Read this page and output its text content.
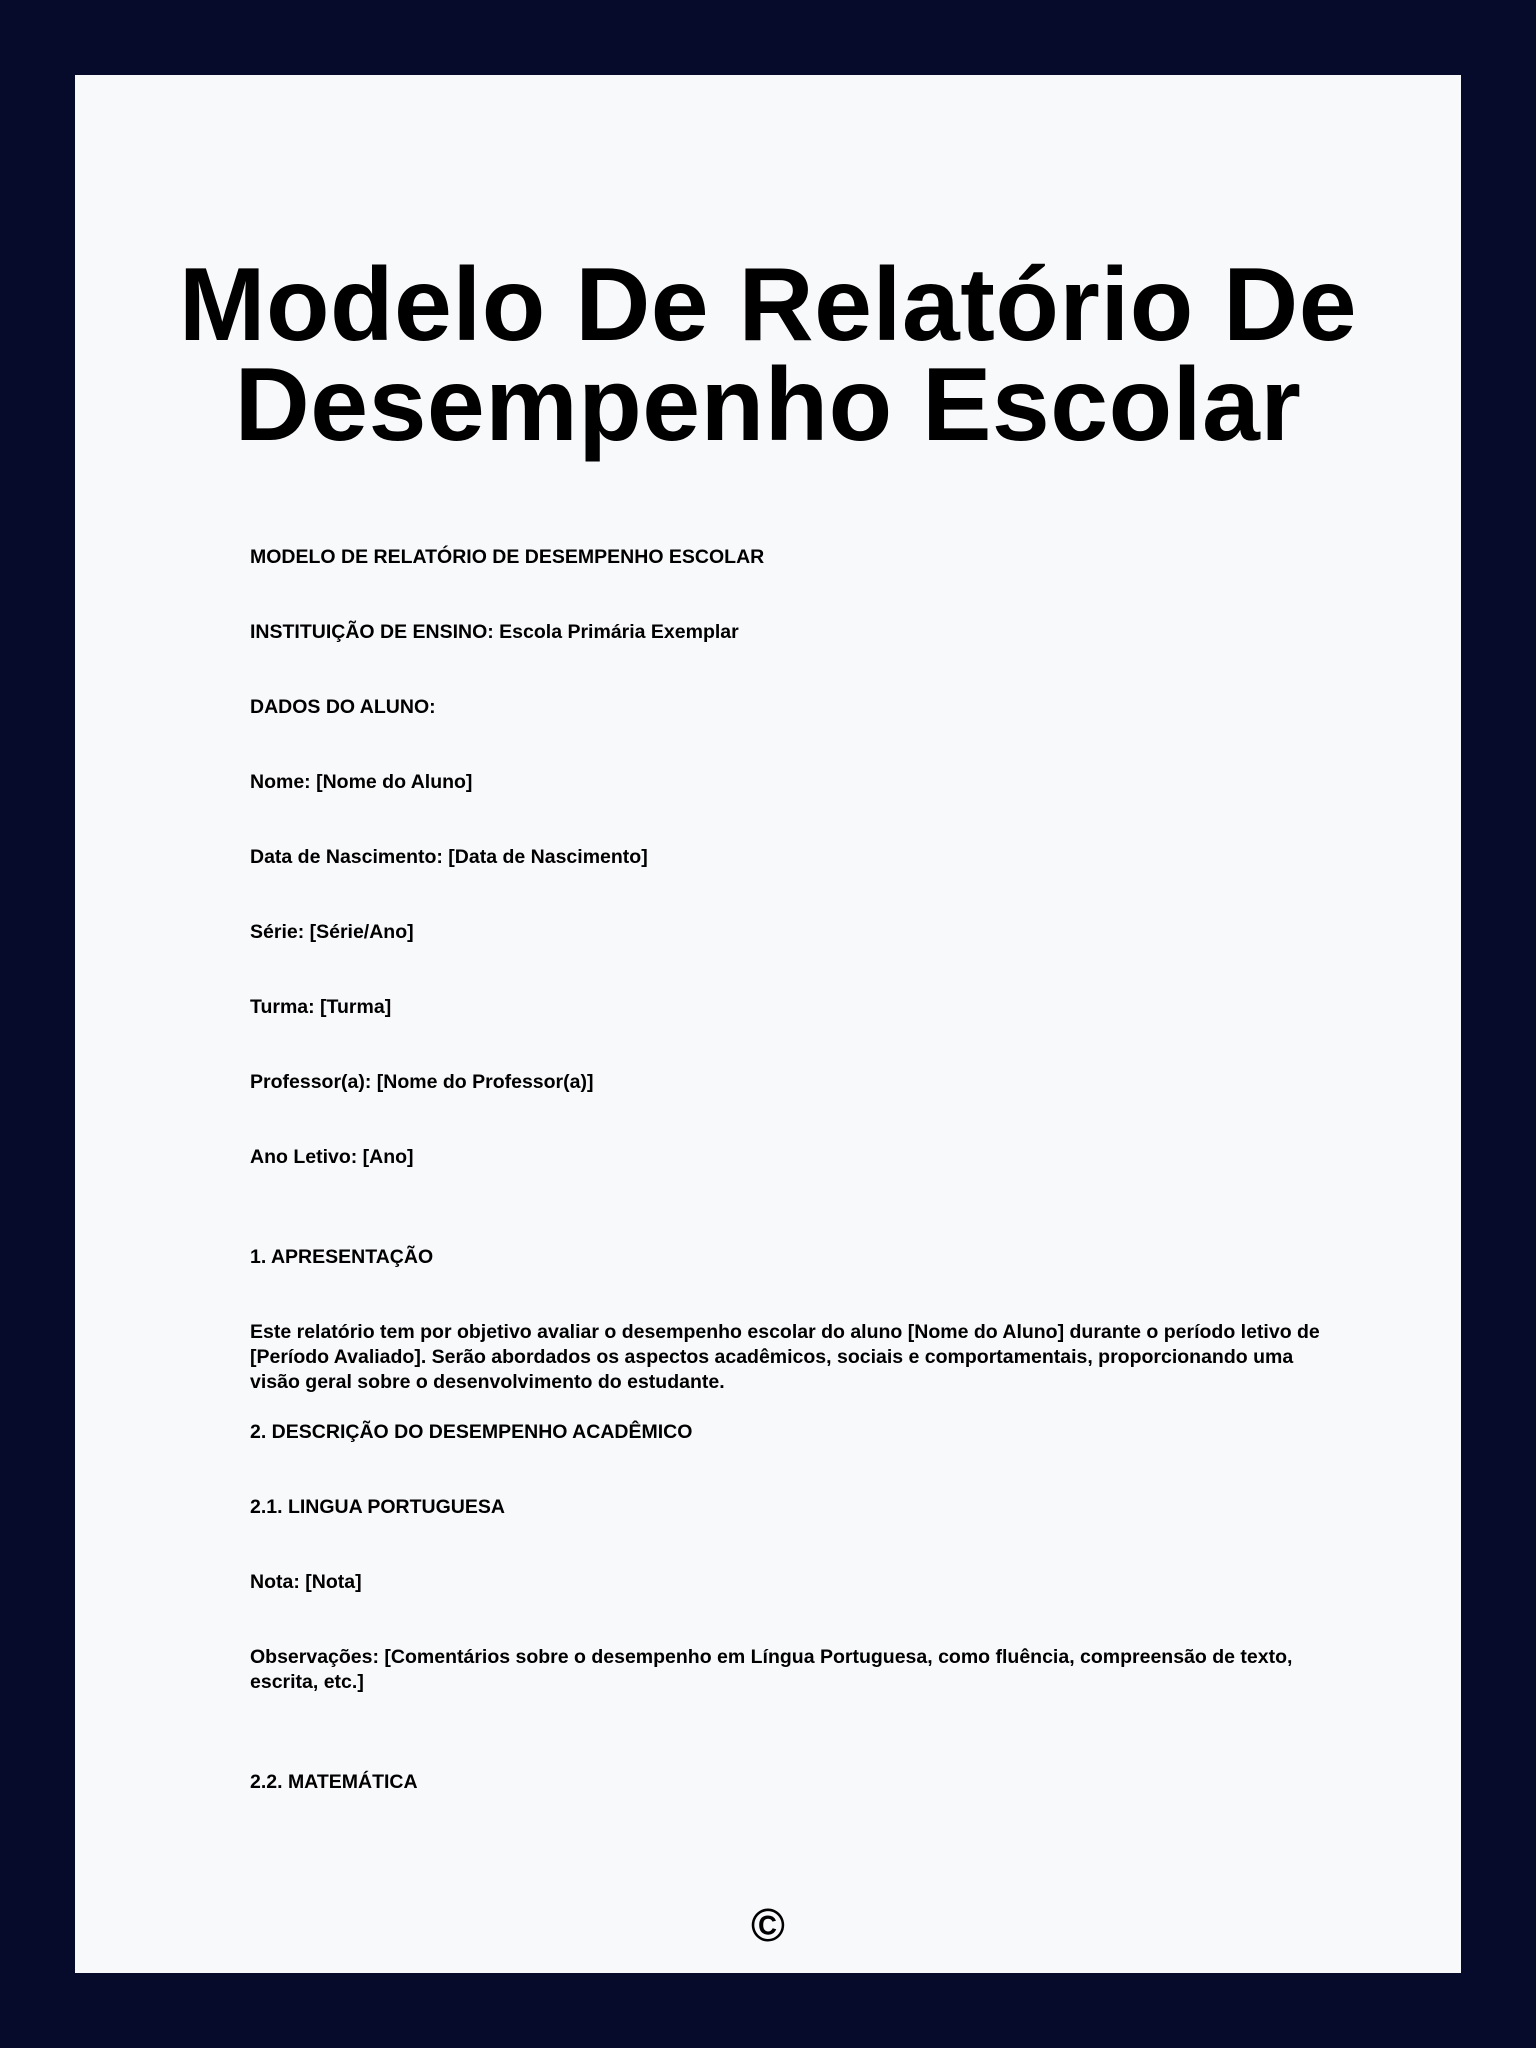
Modelo De Relatório De Desempenho Escolar

MODELO DE RELATÓRIO DE DESEMPENHO ESCOLAR

INSTITUIÇÃO DE ENSINO: Escola Primária Exemplar

DADOS DO ALUNO:

Nome: [Nome do Aluno]

Data de Nascimento: [Data de Nascimento]

Série: [Série/Ano]

Turma: [Turma]

Professor(a): [Nome do Professor(a)]

Ano Letivo: [Ano]

1. APRESENTAÇÃO

Este relatório tem por objetivo avaliar o desempenho escolar do aluno [Nome do Aluno] durante o período letivo de [Período Avaliado]. Serão abordados os aspectos acadêmicos, sociais e comportamentais, proporcionando uma visão geral sobre o desenvolvimento do estudante.

2. DESCRIÇÃO DO DESEMPENHO ACADÊMICO

2.1. LINGUA PORTUGUESA

Nota: [Nota]

Observações: [Comentários sobre o desempenho em Língua Portuguesa, como fluência, compreensão de texto, escrita, etc.]

2.2. MATEMÁTICA

©
